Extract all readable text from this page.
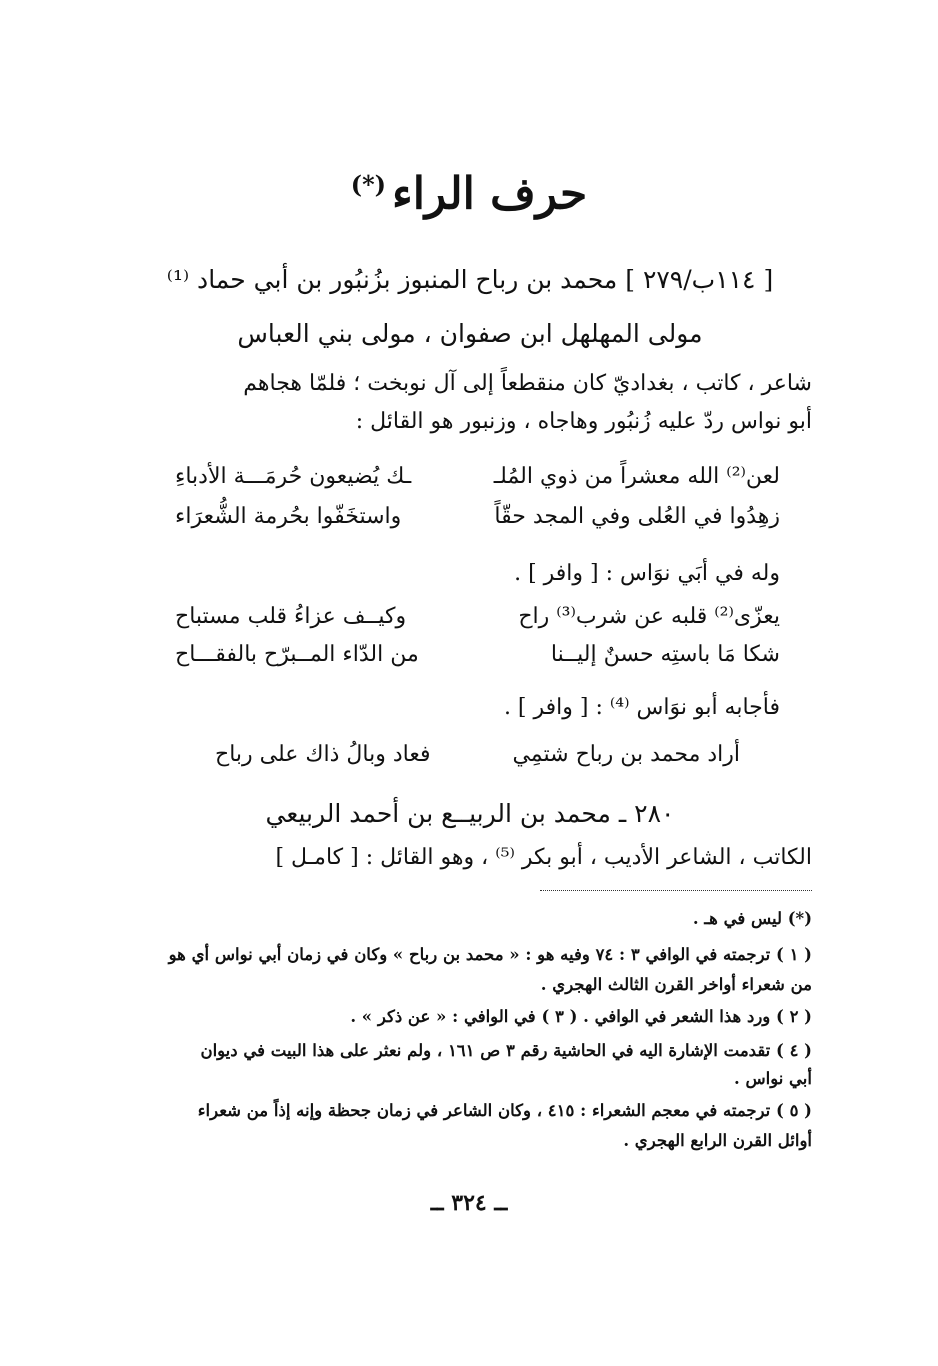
حرف الراء(*)
[ ١١٤ب/٢٧٩ ] محمد بن رباح المنبوز بزُنبُور بن أبي حماد ⁽¹⁾
مولى المهلهل ابن صفوان ، مولى بني العباس
شاعر ، كاتب ، بغداديّ كان منقطعاً إلى آل نوبخت ؛ فلمّا هجاهم
أبو نواس ردّ عليه زُنبُور وهاجاه ، وزنبور هو القائل :
لعن⁽²⁾ الله معشراً من ذوي المُلـ
ـك يُضيعون حُرمَـــة الأدباءِ
زهِدُوا في العُلى وفي المجد حقّاً
واستخَفّوا بحُرمة الشُّعرَاء
وله في أبَي نوَاس : [ وافر ] .
يعزّى⁽²⁾ قلبه عن شرب⁽³⁾ راح
وكيــف عزاءُ قلب مستباح
شكا مَا باستِه حسنٌ إليــنا
من الدّاء المــبرّح بالفقـــاح
فأجابه أبو نوَاس ⁽⁴⁾ : [ وافر ] .
أراد محمد بن رباح شتمِي
فعاد وبالُ ذاك على رباح
٢٨٠ ـ محمد بن الربيــع بن أحمد الربيعي
الكاتب ، الشاعر الأديب ، أبو بكر ⁽⁵⁾ ، وهو القائل : [ كامـل ]
(*) ليس في هـ .
( ١ ) ترجمته في الوافي ٣ : ٧٤ وفيه هو : « محمد بن رباح » وكان في زمان أبي نواس أي هو
من شعراء أواخر القرن الثالث الهجري .
( ٢ ) ورد هذا الشعر في الوافي . ( ٣ ) في الوافي : « عن ذكر » .
( ٤ ) تقدمت الإشارة اليه في الحاشية رقم ٣ ص ١٦١ ، ولم نعثر على هذا البيت في ديوان
أبي نواس .
( ٥ ) ترجمته في معجم الشعراء : ٤١٥ ، وكان الشاعر في زمان جحظة وإنه إذاً من شعراء
أوائل القرن الرابع الهجري .
ــ ٣٢٤ ــ
